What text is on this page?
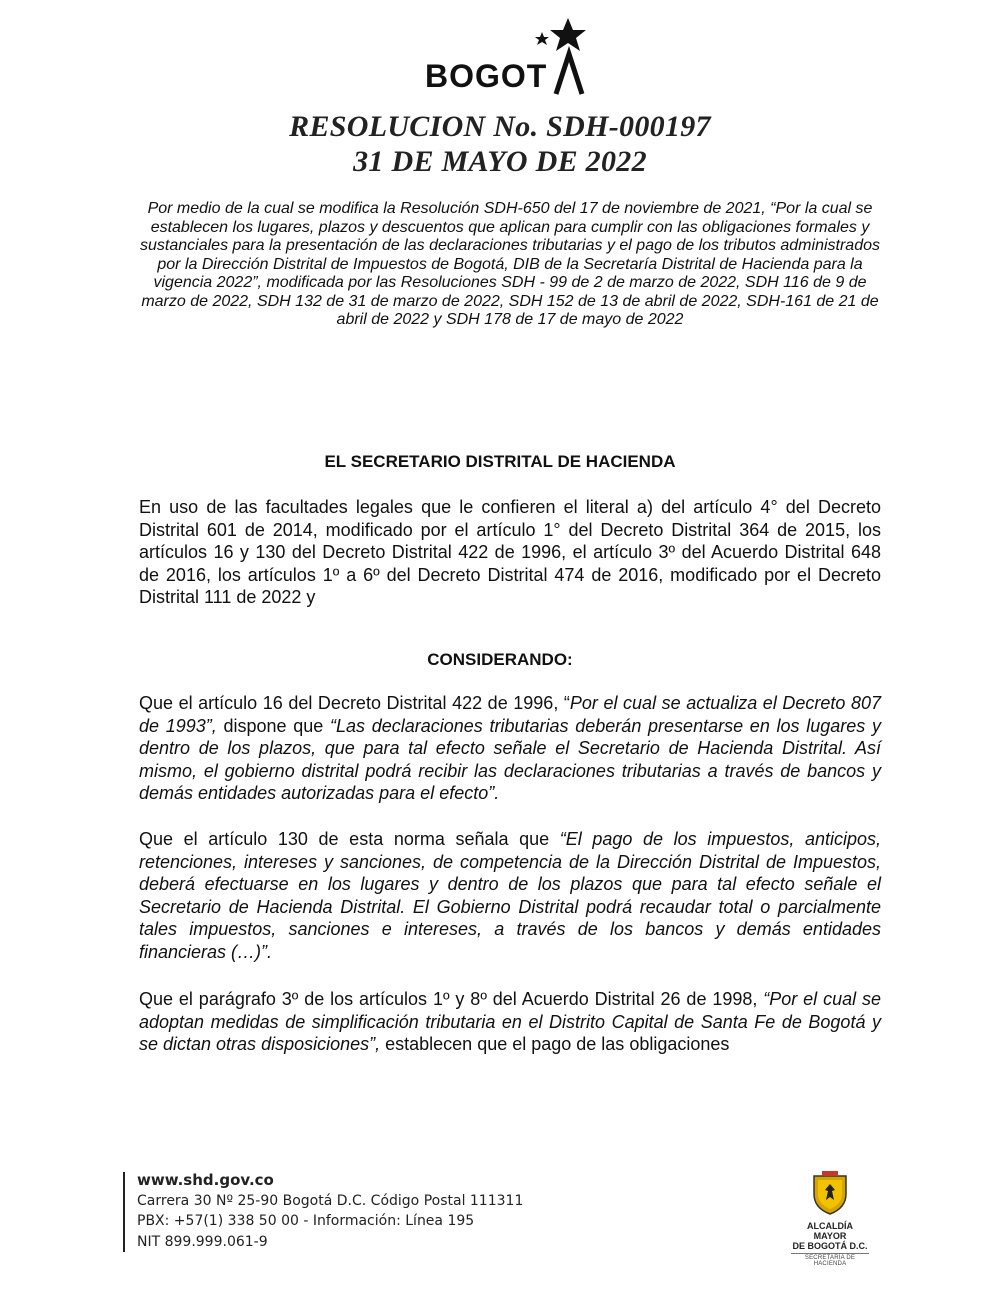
BOGOT
RESOLUCION No. SDH-000197
31 DE MAYO DE 2022
Por medio de la cual se modifica la Resolución SDH-650 del 17 de noviembre de 2021, “Por la cual se establecen los lugares, plazos y descuentos que aplican para cumplir con las obligaciones formales y sustanciales para la presentación de las declaraciones tributarias y el pago de los tributos administrados por la Dirección Distrital de Impuestos de Bogotá, DIB de la Secretaría Distrital de Hacienda para la vigencia 2022”, modificada por las Resoluciones SDH - 99 de 2 de marzo de 2022, SDH 116 de 9 de marzo de 2022, SDH 132 de 31 de marzo de 2022, SDH 152 de 13 de abril de 2022, SDH-161 de 21 de abril de 2022 y SDH 178 de 17 de mayo de 2022
EL SECRETARIO DISTRITAL DE HACIENDA
En uso de las facultades legales que le confieren el literal a) del artículo 4° del Decreto Distrital 601 de 2014, modificado por el artículo 1° del Decreto Distrital 364 de 2015, los artículos 16 y 130 del Decreto Distrital 422 de 1996, el artículo 3º del Acuerdo Distrital 648 de 2016, los artículos 1º a 6º del Decreto Distrital 474 de 2016, modificado por el Decreto Distrital 111 de 2022 y
CONSIDERANDO:
Que el artículo 16 del Decreto Distrital 422 de 1996, “Por el cual se actualiza el Decreto 807 de 1993”, dispone que “Las declaraciones tributarias deberán presentarse en los lugares y dentro de los plazos, que para tal efecto señale el Secretario de Hacienda Distrital. Así mismo, el gobierno distrital podrá recibir las declaraciones tributarias a través de bancos y demás entidades autorizadas para el efecto”.
Que el artículo 130 de esta norma señala que “El pago de los impuestos, anticipos, retenciones, intereses y sanciones, de competencia de la Dirección Distrital de Impuestos, deberá efectuarse en los lugares y dentro de los plazos que para tal efecto señale el Secretario de Hacienda Distrital. El Gobierno Distrital podrá recaudar total o parcialmente tales impuestos, sanciones e intereses, a través de los bancos y demás entidades financieras (…)”.
Que el parágrafo 3º de los artículos 1º y 8º del Acuerdo Distrital 26 de 1998, “Por el cual se adoptan medidas de simplificación tributaria en el Distrito Capital de Santa Fe de Bogotá y se dictan otras disposiciones”, establecen que el pago de las obligaciones
www.shd.gov.co
Carrera 30 Nº 25-90 Bogotá D.C. Código Postal 111311
PBX: +57(1) 338 50 00 - Información: Línea 195
NIT 899.999.061-9
ALCALDÍA MAYOR
DE BOGOTÁ D.C.
SECRETARÍA DE HACIENDA
